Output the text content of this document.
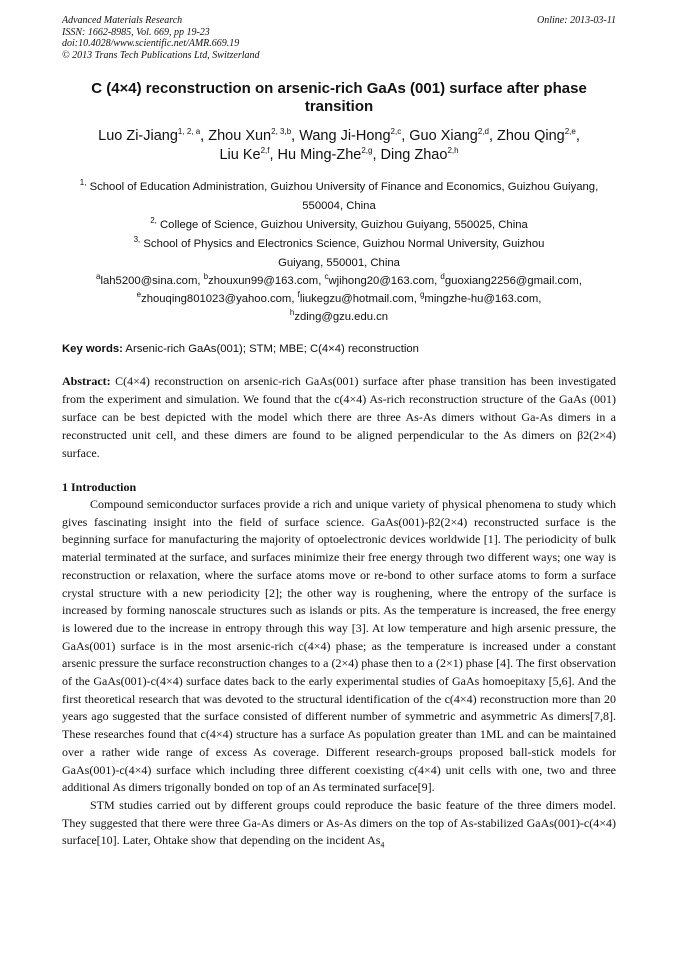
Advanced Materials Research
ISSN: 1662-8985, Vol. 669, pp 19-23
doi:10.4028/www.scientific.net/AMR.669.19
© 2013 Trans Tech Publications Ltd, Switzerland
Online: 2013-03-11
C (4×4) reconstruction on arsenic-rich GaAs (001) surface after phase transition
Luo Zi-Jiang$^{1, 2, a}$, Zhou Xun$^{2, 3,b}$, Wang Ji-Hong$^{2,c}$, Guo Xiang$^{2,d}$, Zhou Qing$^{2,e}$,
Liu Ke$^{2,f}$, Hu Ming-Zhe$^{2,g}$, Ding Zhao$^{2,h}$
$^{1,}$ School of Education Administration, Guizhou University of Finance and Economics, Guizhou Guiyang, 550004, China
$^{2,}$ College of Science, Guizhou University, Guizhou Guiyang, 550025, China
$^{3,}$ School of Physics and Electronics Science, Guizhou Normal University, Guizhou Guiyang, 550001, China
$^a$lah5200@sina.com, $^b$zhouxun99@163.com, $^c$wjihong20@163.com, $^d$guoxiang2256@gmail.com,
$^e$zhouqing801023@yahoo.com, $^f$liukegzu@hotmail.com, $^g$mingzhe-hu@163.com,
$^h$zding@gzu.edu.cn
Key words: Arsenic-rich GaAs(001); STM; MBE; C(4×4) reconstruction
Abstract: C(4×4) reconstruction on arsenic-rich GaAs(001) surface after phase transition has been investigated from the experiment and simulation. We found that the c(4×4) As-rich reconstruction structure of the GaAs (001) surface can be best depicted with the model which there are three As-As dimers without Ga-As dimers in a reconstructed unit cell, and these dimers are found to be aligned perpendicular to the As dimers on β2(2×4) surface.
1 Introduction

Compound semiconductor surfaces provide a rich and unique variety of physical phenomena to study which gives fascinating insight into the field of surface science. GaAs(001)-β2(2×4) reconstructed surface is the beginning surface for manufacturing the majority of optoelectronic devices worldwide [1]. The periodicity of bulk material terminated at the surface, and surfaces minimize their free energy through two different ways; one way is reconstruction or relaxation, where the surface atoms move or re-bond to other surface atoms to form a surface crystal structure with a new periodicity [2]; the other way is roughening, where the entropy of the surface is increased by forming nanoscale structures such as islands or pits. As the temperature is increased, the free energy is lowered due to the increase in entropy through this way [3]. At low temperature and high arsenic pressure, the GaAs(001) surface is in the most arsenic-rich c(4×4) phase; as the temperature is increased under a constant arsenic pressure the surface reconstruction changes to a (2×4) phase then to a (2×1) phase [4]. The first observation of the GaAs(001)-c(4×4) surface dates back to the early experimental studies of GaAs homoepitaxy [5,6]. And the first theoretical research that was devoted to the structural identification of the c(4×4) reconstruction more than 20 years ago suggested that the surface consisted of different number of symmetric and asymmetric As dimers[7,8]. These researches found that c(4×4) structure has a surface As population greater than 1ML and can be maintained over a rather wide range of excess As coverage. Different research-groups proposed ball-stick models for GaAs(001)-c(4×4) surface which including three different coexisting c(4×4) unit cells with one, two and three additional As dimers trigonally bonded on top of an As terminated surface[9].

STM studies carried out by different groups could reproduce the basic feature of the three dimers model. They suggested that there were three Ga-As dimers or As-As dimers on the top of As-stabilized GaAs(001)-c(4×4) surface[10]. Later, Ohtake show that depending on the incident $As_4$
